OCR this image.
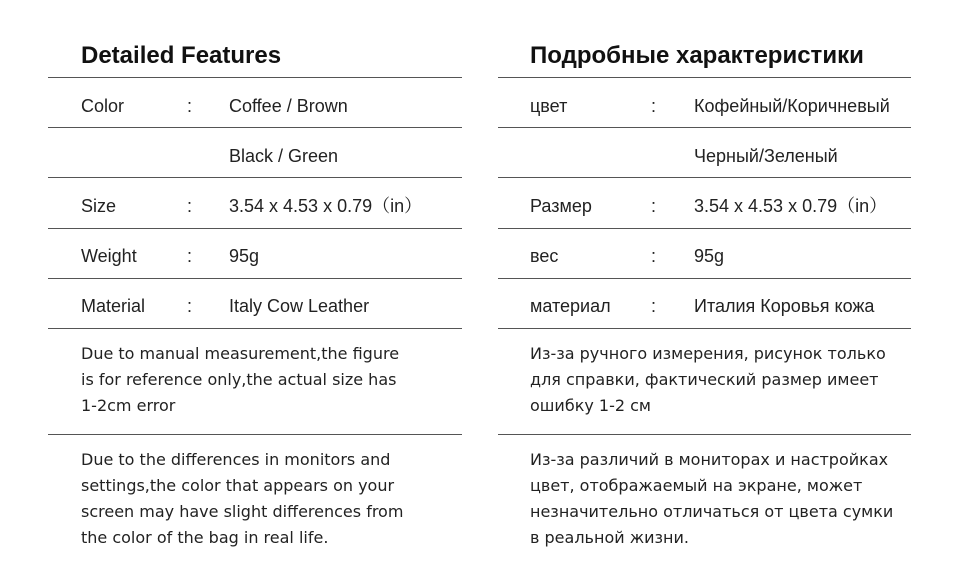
Detailed Features
Color	: Coffee / Brown
Black / Green
Size	: 3.54 x 4.53 x 0.79（in）
Weight	: 95g
Material : Italy Cow Leather
Due to manual measurement,the figure
is for reference only,the actual size has
1-2cm error
Due to the differences in monitors and
settings,the color that appears on your
screen may have slight differences from
the color of the bag in real life.
Подробные характеристики
цвет	: Кофейный/Коричневый
Черный/Зеленый
Размер	: 3.54 x 4.53 x 0.79（in）
вес	: 95g
материал : Италия Коровья кожа
Из-за ручного измерения, рисунок только
для справки, фактический размер имеет
ошибку 1-2 см
Из-за различий в мониторах и настройках
цвет, отображаемый на экране, может
незначительно отличаться от цвета сумки
в реальной жизни.
